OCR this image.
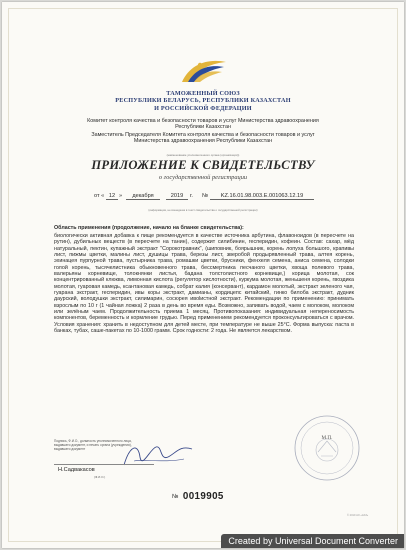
ТАМОЖЕННЫЙ СОЮЗ
РЕСПУБЛИКИ БЕЛАРУСЬ, РЕСПУБЛИКИ КАЗАХСТАН
И РОССИЙСКОЙ ФЕДЕРАЦИИ
Комитет контроля качества и безопасности товаров и услуг Министерства здравоохранения
Республики Казахстан
Заместитель Председателя Комитета контроля качества и безопасности товаров и услуг
Министерства здравоохранения Республики Казахстан
(наименование уполномоченного органа (организации))
ПРИЛОЖЕНИЕ К СВИДЕТЕЛЬСТВУ
о государственной регистрации
от « 12 »	декабря	2019	г. №	KZ.16.01.98.003.E.001063.12.19
(информация, не вошедшая в текст свидетельства о государственной регистрации)

Область применения (продолжение, начало на бланке свидетельства):

биологически активная добавка к пище рекомендуется в качестве источника арбутина, флавоноидов (в пересчете на рутин), дубильных веществ (в пересчете на танин), содержит силибинин, гесперидин, кофеин. Состав: сахар, мёд натуральный, пектин, купажный экстракт "Сорокотравник", (шиповник, боярышник, корень лопуха большого, крапивы лист, пижмы цветки, малины лист, душицы трава, березы лист, зверобой продырявленный трава, алтея корень, эхинацея пурпурной трава, пустырника трава, ромашки цветки, брусники, фенхеля семена, аниса семена, солодки голой корень, тысячелистника обыкновенного трава, бессмертника песчаного цветки, хвоща полевого трава, валерьяны корневище, толокнянки листья, бадана толстолистного корневище,) корица молотая, сок концентрированный клюква, лимонная кислота (регулятор кислотности), куркума молотая, женьшеня корень, гвоздика молотая, гуаровая камедь, ксантановая камедь, собрат калия (консервант), кардамон молотый, экстракт зеленого чая, гуарана экстракт, гесперидин, ивы коры экстракт, дамианы, кордицепс китайский, гинко билоба экстракт, дудник даурский, володушки экстракт, силимарин, сосюрея ивolистной экстракт. Рекомендации по применению: принимать взрослым по 10 г (1 чайная ложка) 2 раза в день во время еды. Возможно, запивать водой, чаем с молоком, молоком или зелёным чаем. Продолжительность приема 1 месяц. Противопоказания: индивидуальная непереносимость компонентов, беременность и кормление грудью. Перед применением рекомендуется проконсультироваться с врачом. Условия хранения: хранить в недоступном для детей месте, при температуре не выше 25°С. Форма выпуска: паста в банках, тубах, саше-пакетах по 10-1000 грамм. Срок годности: 2 года. Не является лекарством.

Подпись, Ф.И.О., должность уполномоченного лица,
выдавшего документ, и печать органа (учреждения),
выдавшего документ
Н.Садвакасов
(Ф.И.О.)
М.П.
№ 0019905
© 2019 АО «КАЗ»
Created by Universal Document Converter
